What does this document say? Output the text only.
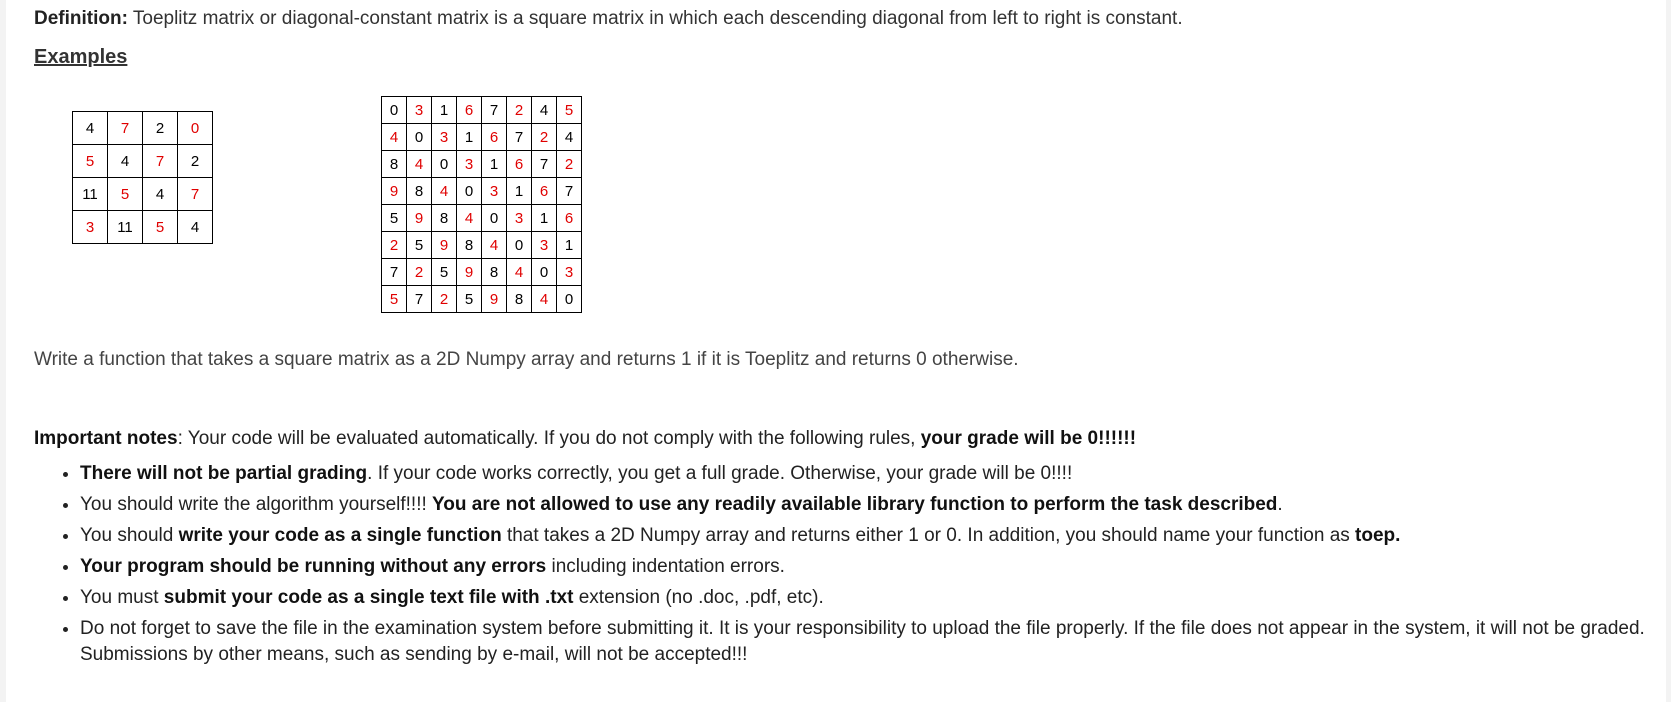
Definition: Toeplitz matrix or diagonal-constant matrix is a square matrix in which each descending diagonal from left to right is constant.
Examples
4	7	2	0
5	4	7	2
11	5	4	7
3	11	5	4
0	3	1	6	7	2	4	5
4	0	3	1	6	7	2	4
8	4	0	3	1	6	7	2
9	8	4	0	3	1	6	7
5	9	8	4	0	3	1	6
2	5	9	8	4	0	3	1
7	2	5	9	8	4	0	3
5	7	2	5	9	8	4	0
Write a function that takes a square matrix as a 2D Numpy array and returns 1 if it is Toeplitz and returns 0 otherwise.
Important notes: Your code will be evaluated automatically. If you do not comply with the following rules, your grade will be 0!!!!!!
• There will not be partial grading. If your code works correctly, you get a full grade. Otherwise, your grade will be 0!!!!
• You should write the algorithm yourself!!!! You are not allowed to use any readily available library function to perform the task described.
• You should write your code as a single function that takes a 2D Numpy array and returns either 1 or 0. In addition, you should name your function as toep.
• Your program should be running without any errors including indentation errors.
• You must submit your code as a single text file with .txt extension (no .doc, .pdf, etc).
• Do not forget to save the file in the examination system before submitting it. It is your responsibility to upload the file properly. If the file does not appear in the system, it will not be graded. Submissions by other means, such as sending by e-mail, will not be accepted!!!
